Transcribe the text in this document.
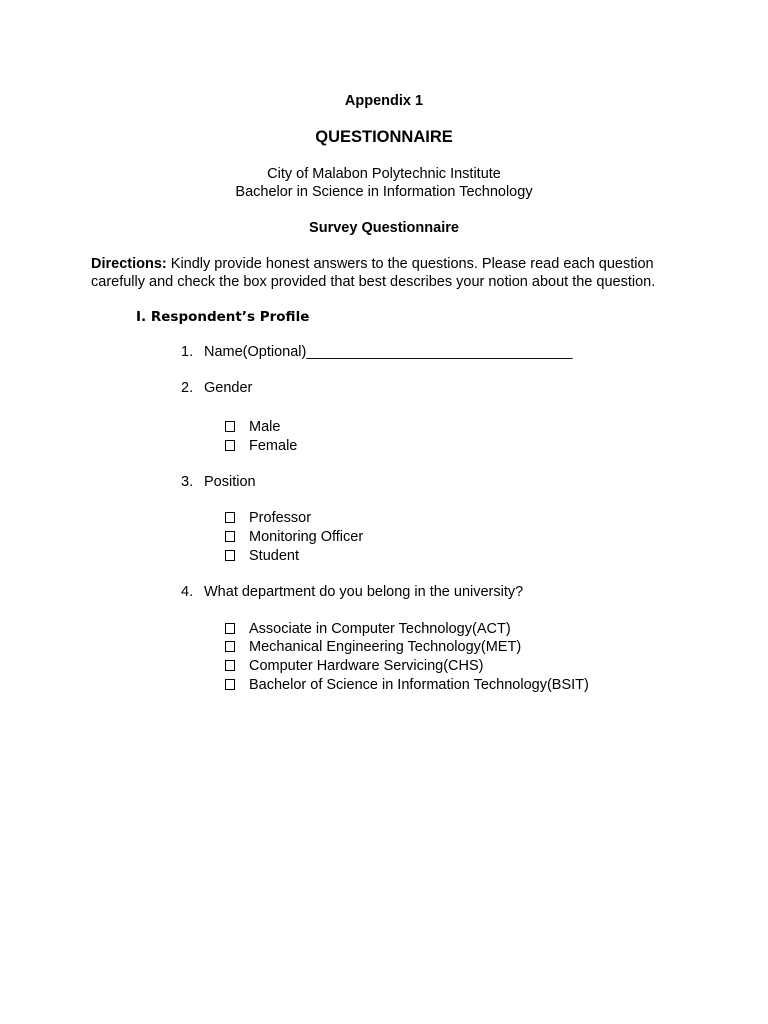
Appendix 1
QUESTIONNAIRE
City of Malabon Polytechnic Institute
Bachelor in Science in Information Technology
Survey Questionnaire
Directions: Kindly provide honest answers to the questions. Please read each question carefully and check the box provided that best describes your notion about the question.
I. Respondent’s Profile
1. Name(Optional)_________________________________
2. Gender
Male
Female
3. Position
Professor
Monitoring Officer
Student
4. What department do you belong in the university?
Associate in Computer Technology(ACT)
Mechanical Engineering Technology(MET)
Computer Hardware Servicing(CHS)
Bachelor of Science in Information Technology(BSIT)
